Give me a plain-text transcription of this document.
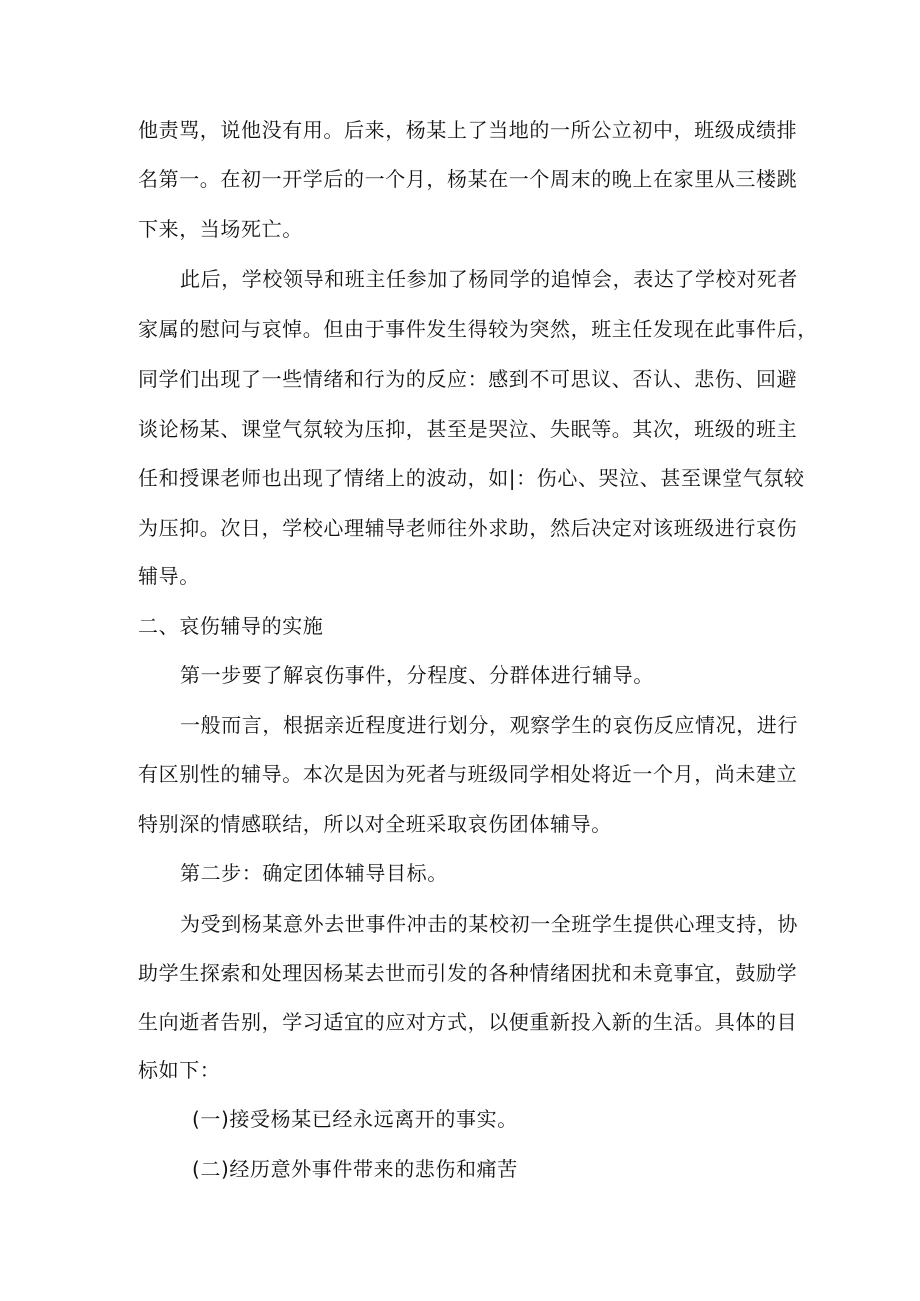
他责骂，说他没有用。后来，杨某上了当地的一所公立初中，班级成绩排
名第一。在初一开学后的一个月，杨某在一个周末的晚上在家里从三楼跳
下来，当场死亡。
此后，学校领导和班主任参加了杨同学的追悼会，表达了学校对死者
家属的慰问与哀悼。但由于事件发生得较为突然，班主任发现在此事件后，
同学们出现了一些情绪和行为的反应：感到不可思议、否认、悲伤、回避
谈论杨某、课堂气氛较为压抑，甚至是哭泣、失眠等。其次，班级的班主
任和授课老师也出现了情绪上的波动，如|：伤心、哭泣、甚至课堂气氛较
为压抑。次日，学校心理辅导老师往外求助，然后决定对该班级进行哀伤
辅导。
二、哀伤辅导的实施
第一步要了解哀伤事件，分程度、分群体进行辅导。
一般而言，根据亲近程度进行划分，观察学生的哀伤反应情况，进行
有区别性的辅导。本次是因为死者与班级同学相处将近一个月，尚未建立
特别深的情感联结，所以对全班采取哀伤团体辅导。
第二步：确定团体辅导目标。
为受到杨某意外去世事件冲击的某校初一全班学生提供心理支持，协
助学生探索和处理因杨某去世而引发的各种情绪困扰和未竟事宜，鼓励学
生向逝者告别，学习适宜的应对方式，以便重新投入新的生活。具体的目
标如下：
(一)接受杨某已经永远离开的事实。
(二)经历意外事件带来的悲伤和痛苦
